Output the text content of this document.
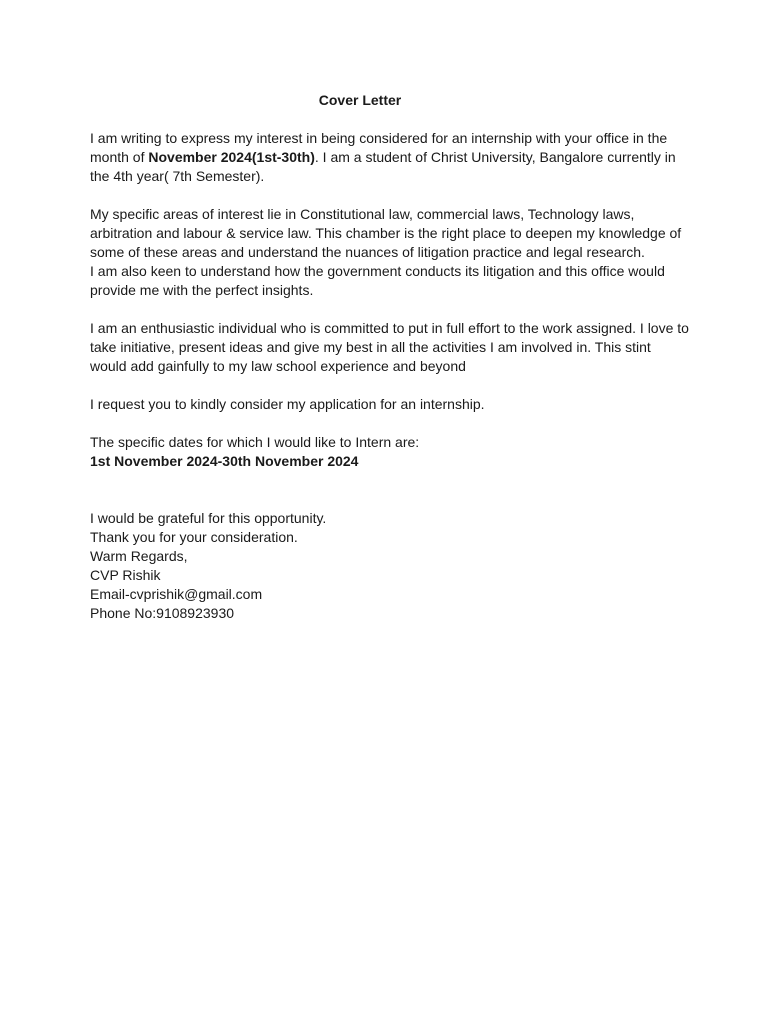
Cover Letter

I am writing to express my interest in being considered for an internship with your office in the month of November 2024(1st-30th). I am a student of Christ University, Bangalore currently in the 4th year( 7th Semester).

My specific areas of interest lie in Constitutional law, commercial laws, Technology laws, arbitration and labour & service law. This chamber is the right place to deepen my knowledge of some of these areas and understand the nuances of litigation practice and legal research.

I am also keen to understand how the government conducts its litigation and this office would provide me with the perfect insights.

I am an enthusiastic individual who is committed to put in full effort to the work assigned. I love to take initiative, present ideas and give my best in all the activities I am involved in. This stint would add gainfully to my law school experience and beyond

I request you to kindly consider my application for an internship.

The specific dates for which I would like to Intern are:

1st November 2024-30th November 2024

I would be grateful for this opportunity.

Thank you for your consideration.

Warm Regards,

CVP Rishik

Email-cvprishik@gmail.com

Phone No:9108923930
